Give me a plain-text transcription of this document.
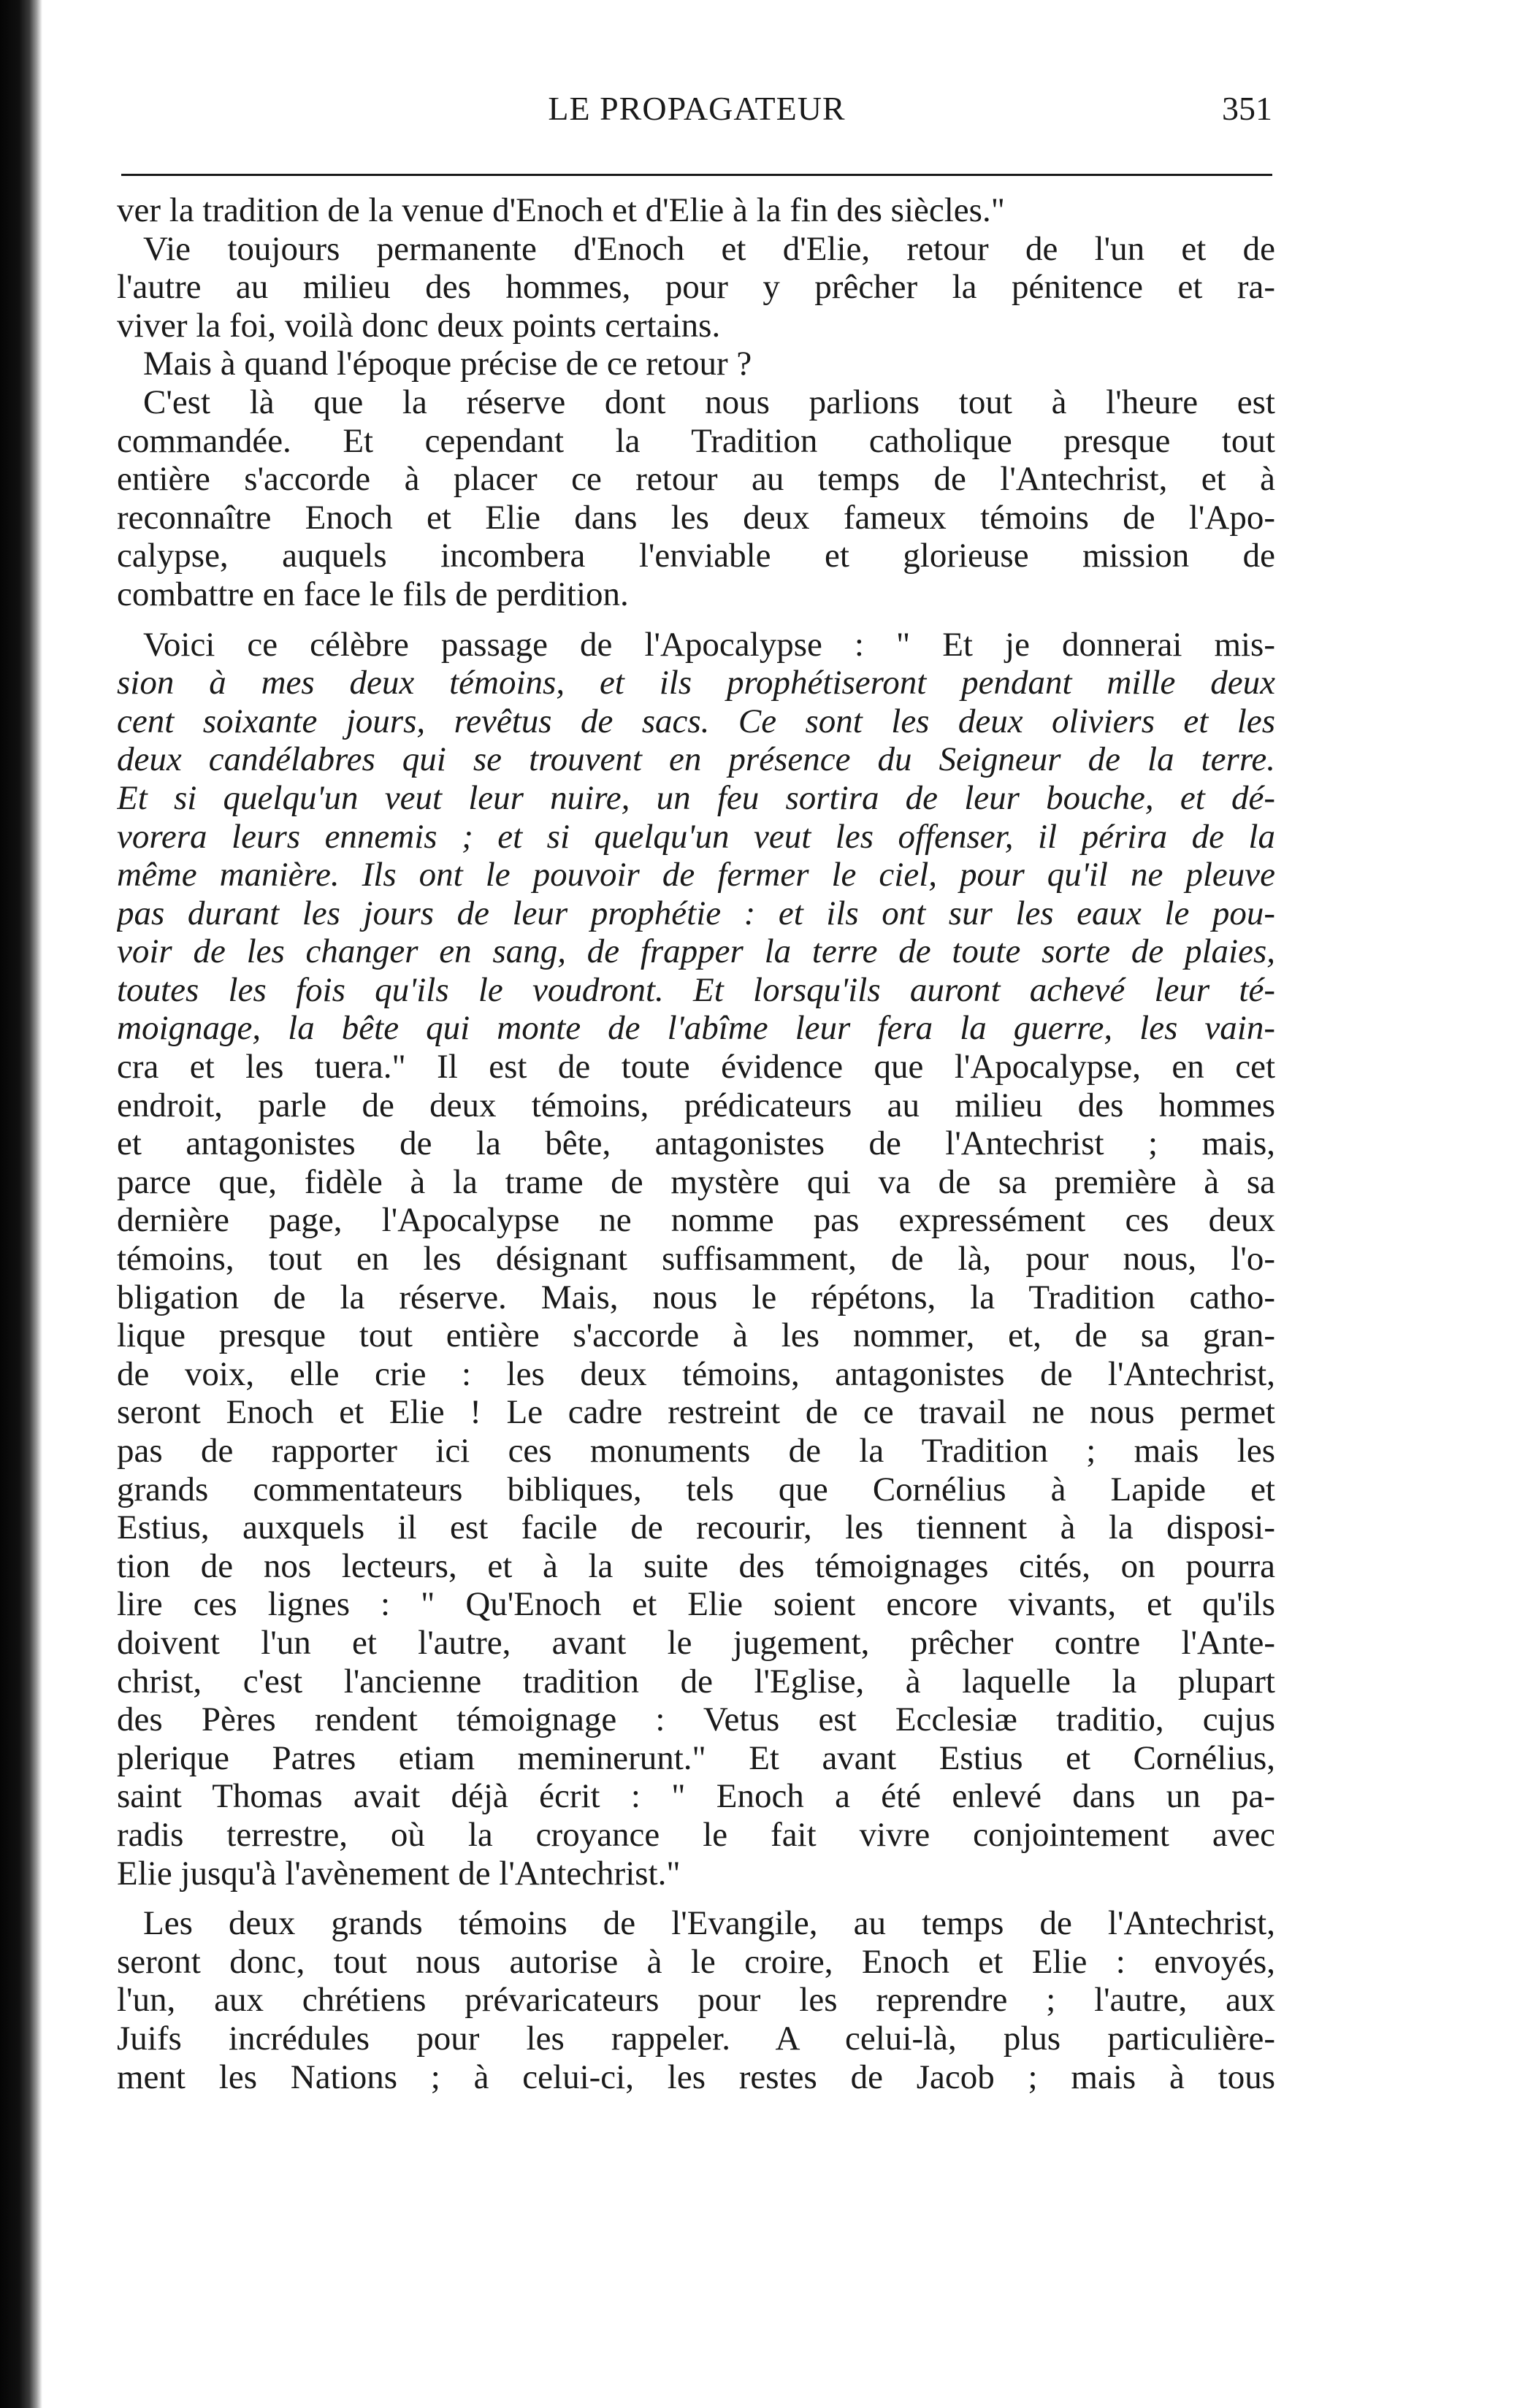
LE PROPAGATEUR	351
ver la tradition de la venue d'Enoch et d'Elie à la fin des siècles."
Vie toujours permanente d'Enoch et d'Elie, retour de l'un et de
l'autre au milieu des hommes, pour y prêcher la pénitence et ra-
viver la foi, voilà donc deux points certains.
Mais à quand l'époque précise de ce retour ?
C'est là que la réserve dont nous parlions tout à l'heure est
commandée. Et cependant la Tradition catholique presque tout
entière s'accorde à placer ce retour au temps de l'Antechrist, et à
reconnaître Enoch et Elie dans les deux fameux témoins de l'Apo-
calypse, auquels incombera l'enviable et glorieuse mission de
combattre en face le fils de perdition.
Voici ce célèbre passage de l'Apocalypse : " Et je donnerai mis-
sion à mes deux témoins, et ils prophétiseront pendant mille deux
cent soixante jours, revêtus de sacs. Ce sont les deux oliviers et les
deux candélabres qui se trouvent en présence du Seigneur de la terre.
Et si quelqu'un veut leur nuire, un feu sortira de leur bouche, et dé-
vorera leurs ennemis ; et si quelqu'un veut les offenser, il périra de la
même manière. Ils ont le pouvoir de fermer le ciel, pour qu'il ne pleuve
pas durant les jours de leur prophétie : et ils ont sur les eaux le pou-
voir de les changer en sang, de frapper la terre de toute sorte de plaies,
toutes les fois qu'ils le voudront. Et lorsqu'ils auront achevé leur té-
moignage, la bête qui monte de l'abîme leur fera la guerre, les vain-
cra et les tuera." Il est de toute évidence que l'Apocalypse, en cet
endroit, parle de deux témoins, prédicateurs au milieu des hommes
et antagonistes de la bête, antagonistes de l'Antechrist ; mais,
parce que, fidèle à la trame de mystère qui va de sa première à sa
dernière page, l'Apocalypse ne nomme pas expressément ces deux
témoins, tout en les désignant suffisamment, de là, pour nous, l'o-
bligation de la réserve. Mais, nous le répétons, la Tradition catho-
lique presque tout entière s'accorde à les nommer, et, de sa gran-
de voix, elle crie : les deux témoins, antagonistes de l'Antechrist,
seront Enoch et Elie ! Le cadre restreint de ce travail ne nous permet
pas de rapporter ici ces monuments de la Tradition ; mais les
grands commentateurs bibliques, tels que Cornélius à Lapide et
Estius, auxquels il est facile de recourir, les tiennent à la disposi-
tion de nos lecteurs, et à la suite des témoignages cités, on pourra
lire ces lignes : " Qu'Enoch et Elie soient encore vivants, et qu'ils
doivent l'un et l'autre, avant le jugement, prêcher contre l'Ante-
christ, c'est l'ancienne tradition de l'Eglise, à laquelle la plupart
des Pères rendent témoignage : Vetus est Ecclesiæ traditio, cujus
plerique Patres etiam meminerunt." Et avant Estius et Cornélius,
saint Thomas avait déjà écrit : " Enoch a été enlevé dans un pa-
radis terrestre, où la croyance le fait vivre conjointement avec
Elie jusqu'à l'avènement de l'Antechrist."
Les deux grands témoins de l'Evangile, au temps de l'Antechrist,
seront donc, tout nous autorise à le croire, Enoch et Elie : envoyés,
l'un, aux chrétiens prévaricateurs pour les reprendre ; l'autre, aux
Juifs incrédules pour les rappeler. A celui-là, plus particulière-
ment les Nations ; à celui-ci, les restes de Jacob ; mais à tous
